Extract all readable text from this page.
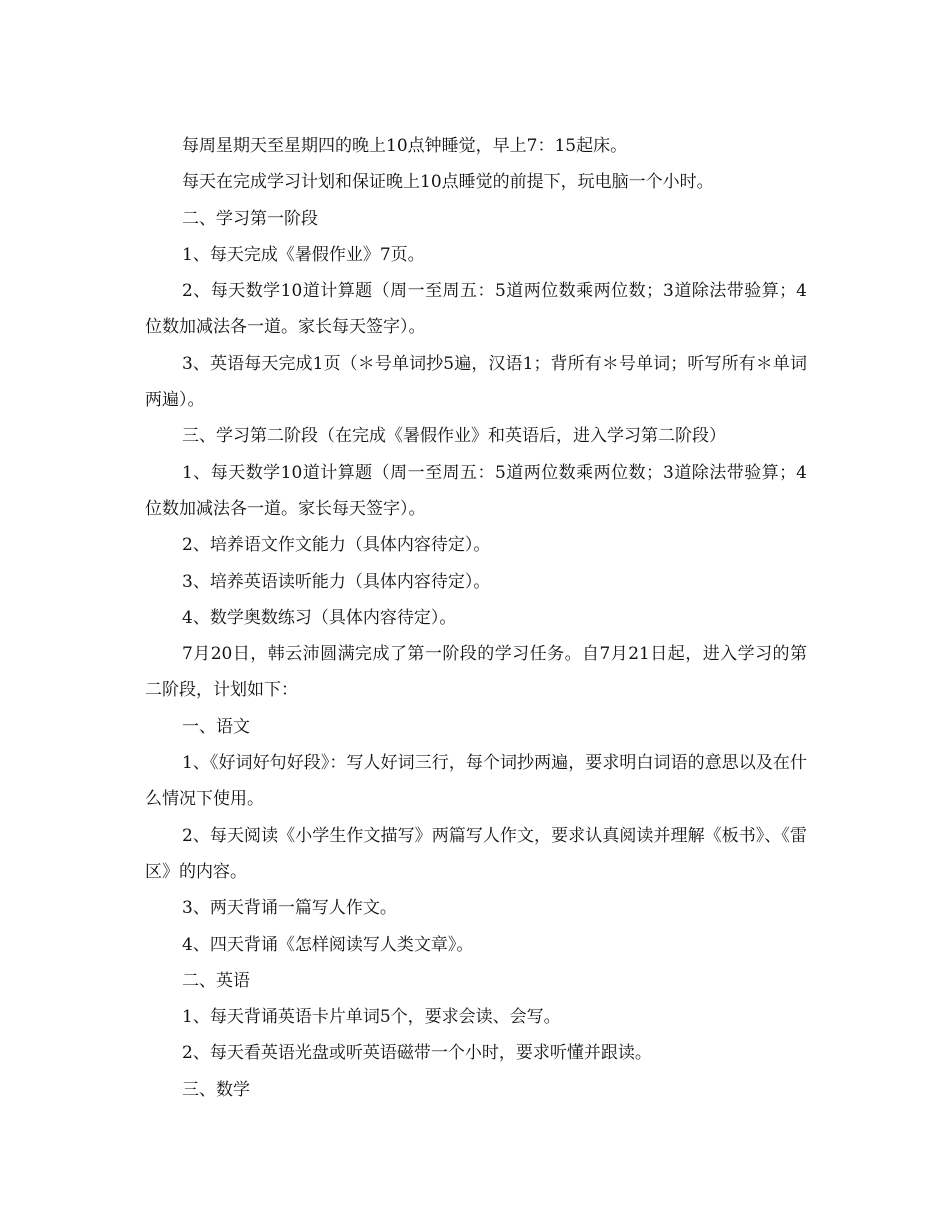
每周星期天至星期四的晚上10点钟睡觉，早上7：15起床。

每天在完成学习计划和保证晚上10点睡觉的前提下，玩电脑一个小时。

二、学习第一阶段

1、每天完成《暑假作业》7页。

2、每天数学10道计算题（周一至周五：5道两位数乘两位数；3道除法带验算；4位数加减法各一道。家长每天签字）。

3、英语每天完成1页（＊号单词抄5遍，汉语1；背所有＊号单词；听写所有＊单词两遍）。

三、学习第二阶段（在完成《暑假作业》和英语后，进入学习第二阶段）

1、每天数学10道计算题（周一至周五：5道两位数乘两位数；3道除法带验算；4位数加减法各一道。家长每天签字）。

2、培养语文作文能力（具体内容待定）。

3、培养英语读听能力（具体内容待定）。

4、数学奥数练习（具体内容待定）。

7月20日，韩云沛圆满完成了第一阶段的学习任务。自7月21日起，进入学习的第二阶段，计划如下：

一、语文

1、《好词好句好段》：写人好词三行，每个词抄两遍，要求明白词语的意思以及在什么情况下使用。

2、每天阅读《小学生作文描写》两篇写人作文，要求认真阅读并理解《板书》、《雷区》的内容。

3、两天背诵一篇写人作文。

4、四天背诵《怎样阅读写人类文章》。

二、英语

1、每天背诵英语卡片单词5个，要求会读、会写。

2、每天看英语光盘或听英语磁带一个小时，要求听懂并跟读。

三、数学
